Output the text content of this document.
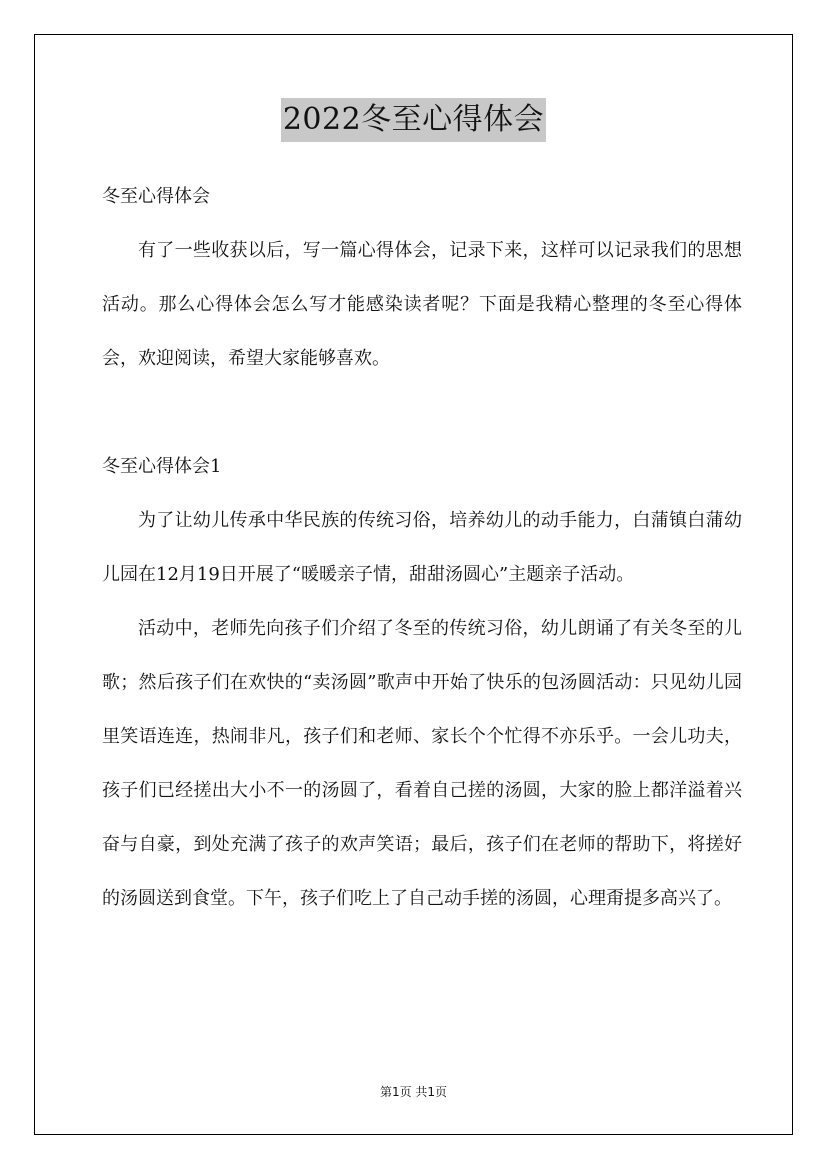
2022冬至心得体会

冬至心得体会

有了一些收获以后，写一篇心得体会，记录下来，这样可以记录我们的思想活动。那么心得体会怎么写才能感染读者呢？下面是我精心整理的冬至心得体会，欢迎阅读，希望大家能够喜欢。

冬至心得体会1

为了让幼儿传承中华民族的传统习俗，培养幼儿的动手能力，白蒲镇白蒲幼儿园在12月19日开展了“暖暖亲子情，甜甜汤圆心”主题亲子活动。

活动中，老师先向孩子们介绍了冬至的传统习俗，幼儿朗诵了有关冬至的儿歌；然后孩子们在欢快的“卖汤圆”歌声中开始了快乐的包汤圆活动：只见幼儿园里笑语连连，热闹非凡，孩子们和老师、家长个个忙得不亦乐乎。一会儿功夫，孩子们已经搓出大小不一的汤圆了，看着自己搓的汤圆，大家的脸上都洋溢着兴奋与自豪，到处充满了孩子的欢声笑语；最后，孩子们在老师的帮助下，将搓好的汤圆送到食堂。下午，孩子们吃上了自己动手搓的汤圆，心理甭提多高兴了。

第1页 共1页
